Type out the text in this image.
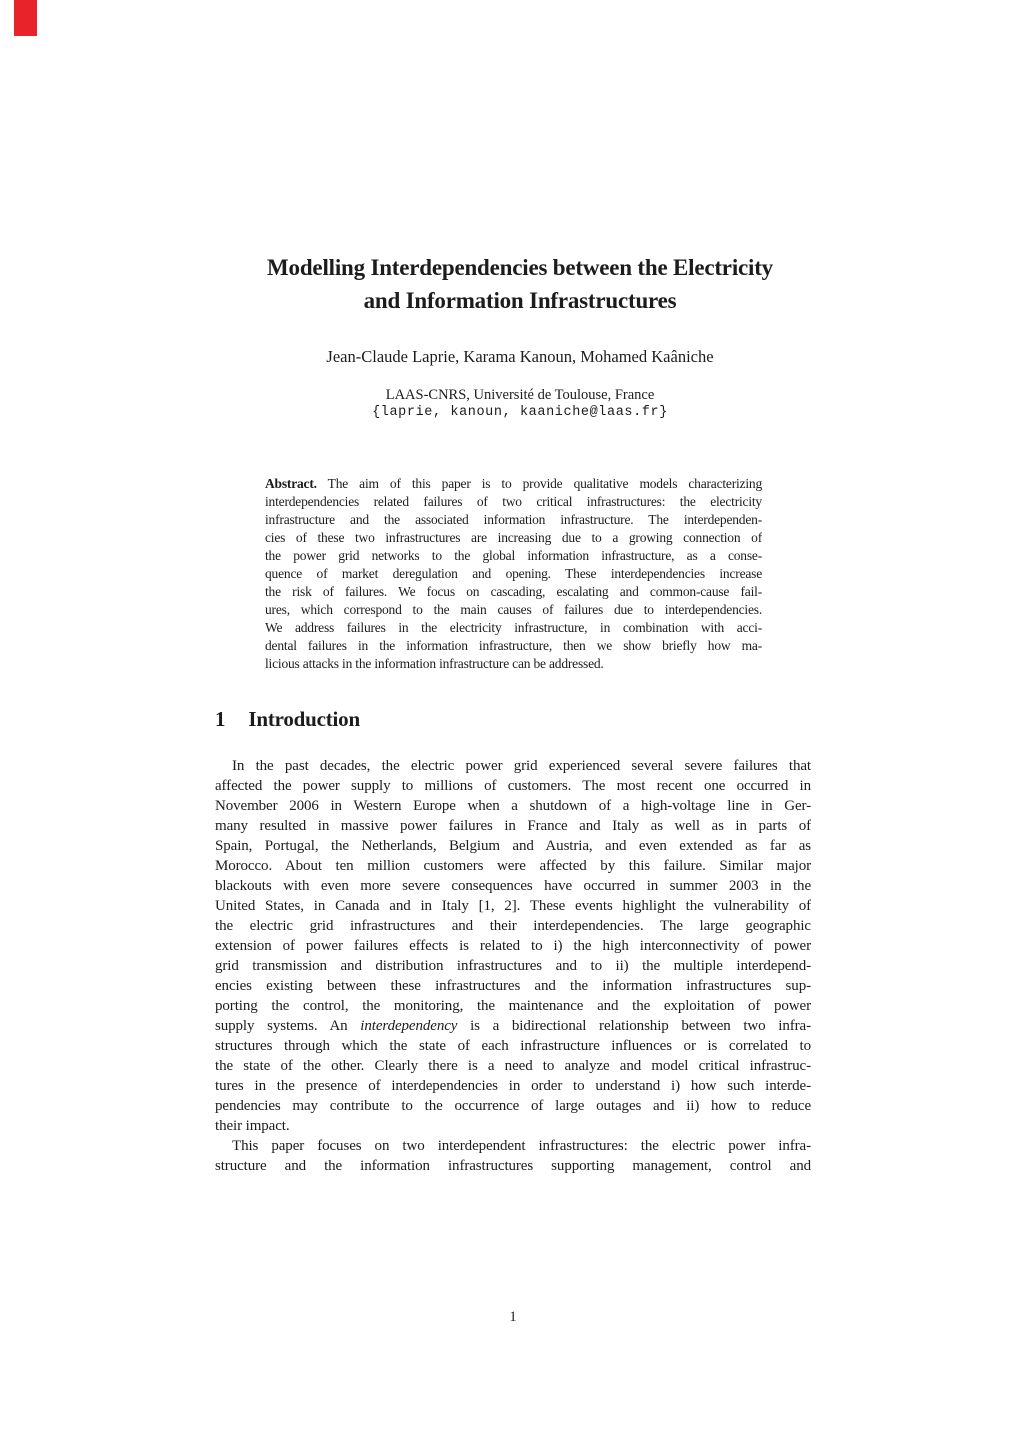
Modelling Interdependencies between the Electricity
and Information Infrastructures
Jean-Claude Laprie, Karama Kanoun, Mohamed Kaâniche
LAAS-CNRS, Université de Toulouse, France
{laprie, kanoun, kaaniche@laas.fr}
Abstract. The aim of this paper is to provide qualitative models characterizing
interdependencies related failures of two critical infrastructures: the electricity
infrastructure and the associated information infrastructure. The interdependen-
cies of these two infrastructures are increasing due to a growing connection of
the power grid networks to the global information infrastructure, as a conse-
quence of market deregulation and opening. These interdependencies increase
the risk of failures. We focus on cascading, escalating and common-cause fail-
ures, which correspond to the main causes of failures due to interdependencies.
We address failures in the electricity infrastructure, in combination with acci-
dental failures in the information infrastructure, then we show briefly how ma-
licious attacks in the information infrastructure can be addressed.
1 Introduction
In the past decades, the electric power grid experienced several severe failures that
affected the power supply to millions of customers. The most recent one occurred in
November 2006 in Western Europe when a shutdown of a high-voltage line in Ger-
many resulted in massive power failures in France and Italy as well as in parts of
Spain, Portugal, the Netherlands, Belgium and Austria, and even extended as far as
Morocco. About ten million customers were affected by this failure. Similar major
blackouts with even more severe consequences have occurred in summer 2003 in the
United States, in Canada and in Italy [1, 2]. These events highlight the vulnerability of
the electric grid infrastructures and their interdependencies. The large geographic
extension of power failures effects is related to i) the high interconnectivity of power
grid transmission and distribution infrastructures and to ii) the multiple interdepend-
encies existing between these infrastructures and the information infrastructures sup-
porting the control, the monitoring, the maintenance and the exploitation of power
supply systems. An interdependency is a bidirectional relationship between two infra-
structures through which the state of each infrastructure influences or is correlated to
the state of the other. Clearly there is a need to analyze and model critical infrastruc-
tures in the presence of interdependencies in order to understand i) how such interde-
pendencies may contribute to the occurrence of large outages and ii) how to reduce
their impact.
This paper focuses on two interdependent infrastructures: the electric power infra-
structure and the information infrastructures supporting management, control and
1
